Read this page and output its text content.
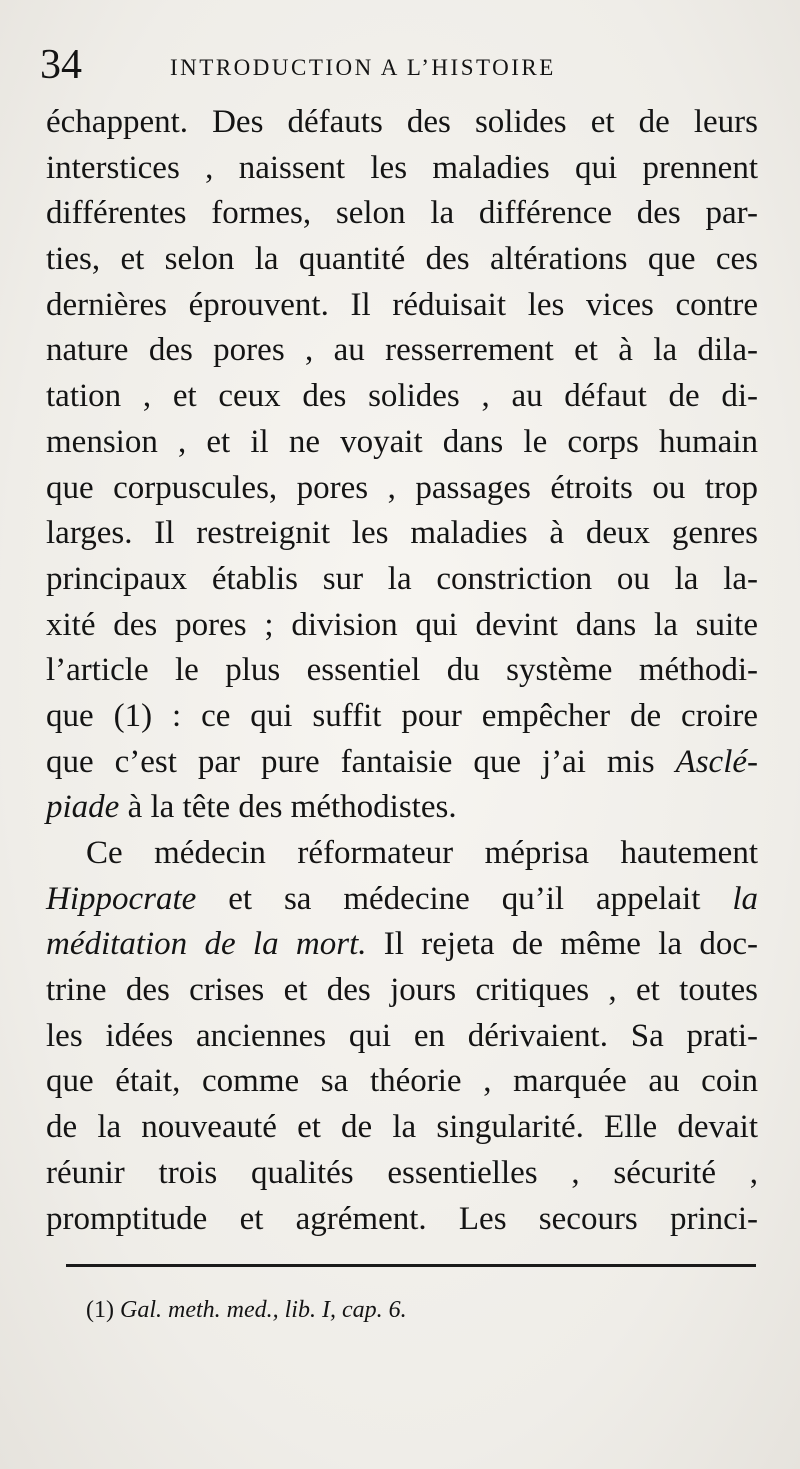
34	INTRODUCTION A L’HISTOIRE
échappent. Des défauts des solides et de leurs
interstices , naissent les maladies qui prennent
différentes formes, selon la différence des par-
ties, et selon la quantité des altérations que ces
dernières éprouvent. Il réduisait les vices contre
nature des pores , au resserrement et à la dila-
tation , et ceux des solides , au défaut de di-
mension , et il ne voyait dans le corps humain
que corpuscules, pores , passages étroits ou trop
larges. Il restreignit les maladies à deux genres
principaux établis sur la constriction ou la la-
xité des pores ; division qui devint dans la suite
l’article le plus essentiel du système méthodi-
que (1) : ce qui suffit pour empêcher de croire
que c’est par pure fantaisie que j’ai mis Asclé-
piade à la tête des méthodistes.
Ce médecin réformateur méprisa hautement
Hippocrate et sa médecine qu’il appelait la
méditation de la mort. Il rejeta de même la doc-
trine des crises et des jours critiques , et toutes
les idées anciennes qui en dérivaient. Sa prati-
que était, comme sa théorie , marquée au coin
de la nouveauté et de la singularité. Elle devait
réunir trois qualités essentielles , sécurité ,
promptitude et agrément. Les secours princi-
(1) Gal. meth. med., lib. I, cap. 6.
